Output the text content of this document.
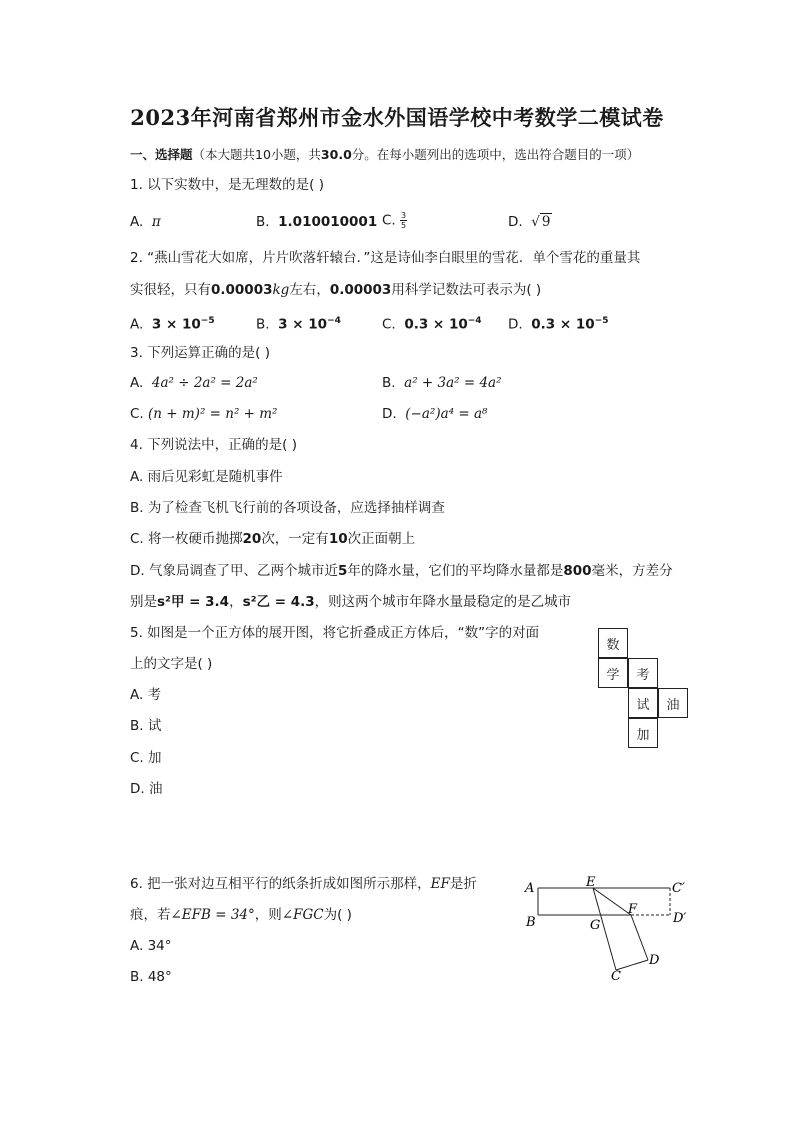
2023年河南省郑州市金水外国语学校中考数学二模试卷
一、选择题（本大题共10小题，共30.0分。在每小题列出的选项中，选出符合题目的一项）
1. 以下实数中，是无理数的是( )
A. π	B. 1.010010001 C. $\frac{3}{5}$	D. √ 9
2. “燕山雪花大如席，片片吹落轩辕台．”这是诗仙李白眼里的雪花．单个雪花的重量其
实很轻，只有0.00003kg左右，0.00003用科学记数法可表示为( )
A. $3 \times 10^{-5}$	B. $3 \times 10^{-4}$	C. $0.3 \times 10^{-4}$ D. $0.3 \times 10^{-5}$
3. 下列运算正确的是( )
A. 4a² ÷ 2a² = 2a²	B. a² + 3a² = 4a²
C. (n + m)² = n² + m²	D. (−a²)a⁴ = a⁸
4. 下列说法中，正确的是( )
A. 雨后见彩虹是随机事件
B. 为了检查飞机飞行前的各项设备，应选择抽样调查
C. 将一枚硬币抛掷20次，一定有10次正面朝上
D. 气象局调查了甲、乙两个城市近5年的降水量，它们的平均降水量都是800毫米，方差分
别是s²甲 = 3.4，s²乙 = 4.3，则这两个城市年降水量最稳定的是乙城市
5. 如图是一个正方体的展开图，将它折叠成正方体后，“数”字的对面
上的文字是( )
A. 考
B. 试
C. 加
D. 油
数
学	考
试	油
加
6. 把一张对边互相平行的纸条折成如图所示那样，EF是折
痕，若∠EFB = 34°，则∠FGC为( )
A. 34°
B. 48°
A	E	C′
B	G
F
D′
D
C
